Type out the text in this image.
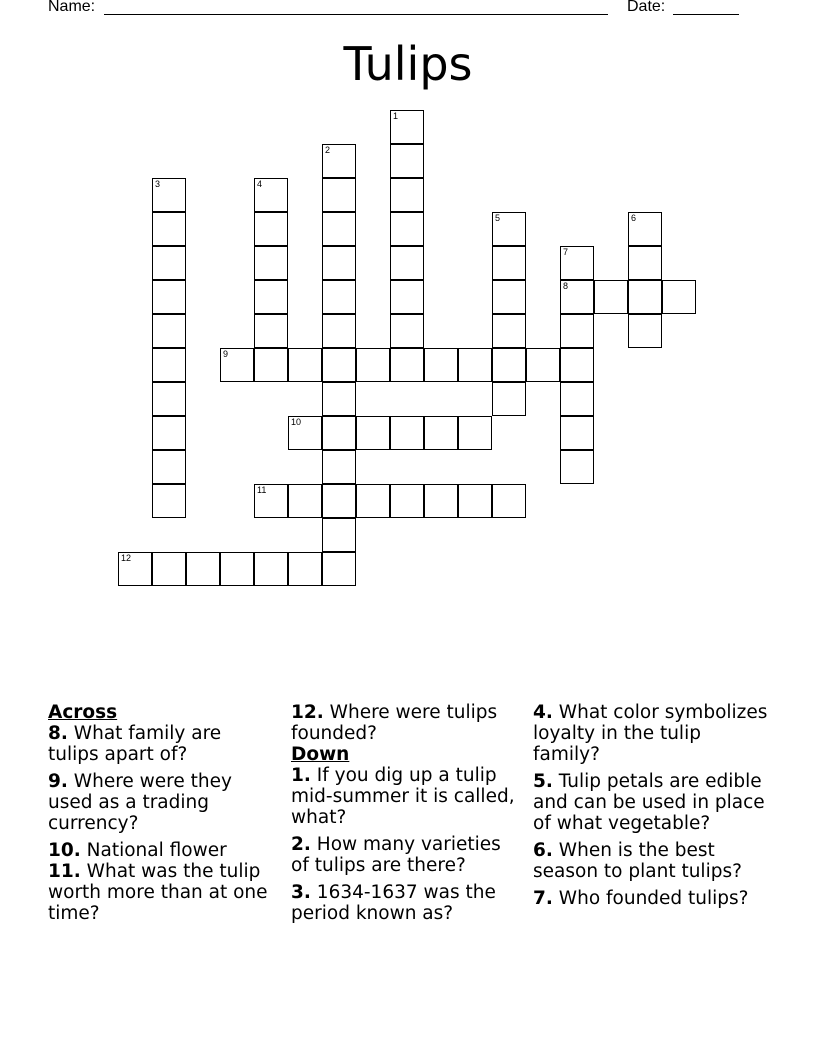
Name:	Date:
Tulips
1
2
3	4
5	6
7
8
9
10
11
12
Across
8. What family are tulips apart of?
9. Where were they used as a trading currency?
10. National flower
11. What was the tulip worth more than at one time?
12. Where were tulips founded?
Down
1. If you dig up a tulip mid-summer it is called, what?
2. How many varieties of tulips are there?
3. 1634-1637 was the period known as?
4. What color symbolizes loyalty in the tulip family?
5. Tulip petals are edible and can be used in place of what vegetable?
6. When is the best season to plant tulips?
7. Who founded tulips?
